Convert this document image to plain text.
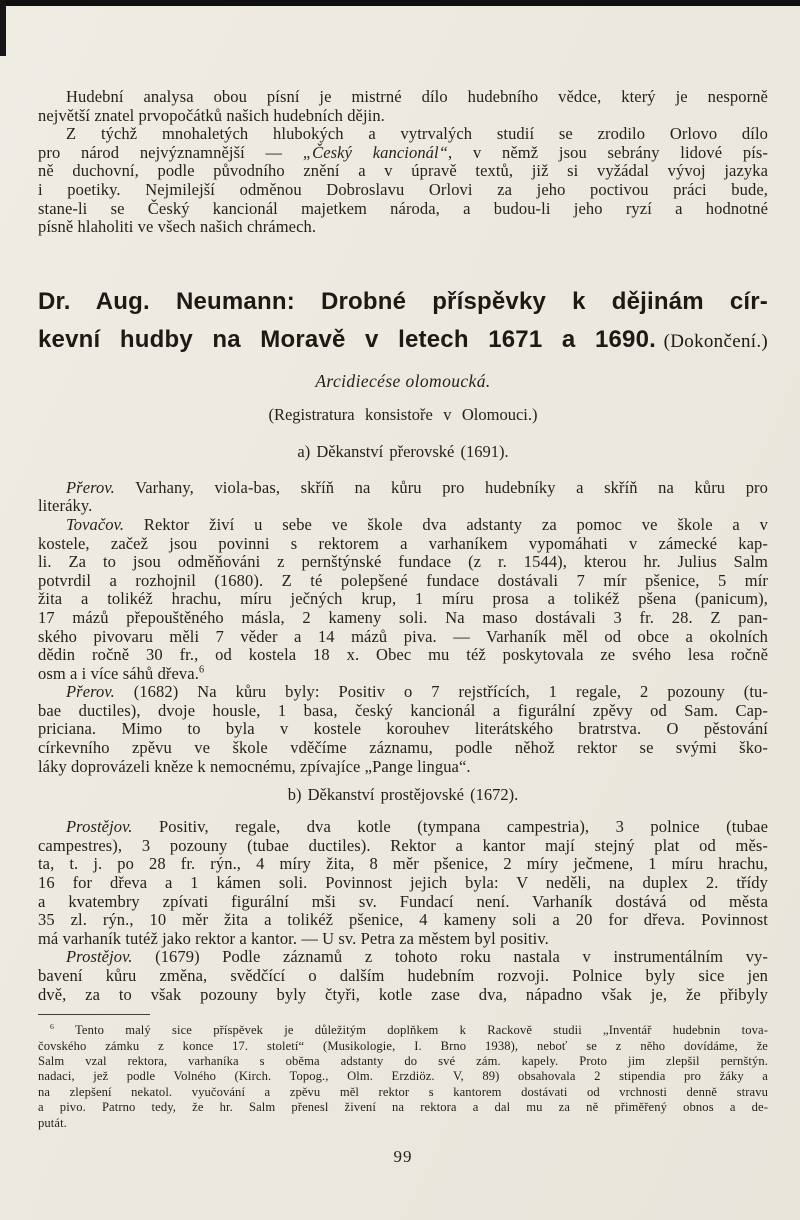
Hudební analysa obou písní je mistrné dílo hudebního vědce, který je nesporně
největší znatel prvopočátků našich hudebních dějin.
Z týchž mnohaletých hlubokých a vytrvalých studií se zrodilo Orlovo dílo
pro národ nejvýznamnější — „Český kancionál“, v němž jsou sebrány lidové pís-
ně duchovní, podle původního znění a v úpravě textů, již si vyžádal vývoj jazyka
i poetiky. Nejmilejší odměnou Dobroslavu Orlovi za jeho poctivou práci bude,
stane-li se Český kancionál majetkem národa, a budou-li jeho ryzí a hodnotné
písně hlaholiti ve všech našich chrámech.
Dr. Aug. Neumann: Drobné příspěvky k dějinám cír-
kevní hudby na Moravě v letech 1671 a 1690. (Dokončení.)
Arcidiecése olomoucká.
(Registratura konsistoře v Olomouci.)
a) Děkanství přerovské (1691).
Přerov. Varhany, viola-bas, skříň na kůru pro hudebníky a skříň na kůru pro
literáky.
Tovačov. Rektor živí u sebe ve škole dva adstanty za pomoc ve škole a v
kostele, začež jsou povinni s rektorem a varhaníkem vypomáhati v zámecké kap-
li. Za to jsou odměňováni z pernštýnské fundace (z r. 1544), kterou hr. Julius Salm
potvrdil a rozhojnil (1680). Z té polepšené fundace dostávali 7 mír pšenice, 5 mír
žita a tolikéž hrachu, míru ječných krup, 1 míru prosa a tolikéž pšena (panicum),
17 mázů přepouštěného másla, 2 kameny soli. Na maso dostávali 3 fr. 28. Z pan-
ského pivovaru měli 7 věder a 14 mázů piva. — Varhaník měl od obce a okolních
dědin ročně 30 fr., od kostela 18 x. Obec mu též poskytovala ze svého lesa ročně
osm a i více sáhů dřeva.$^6$
Přerov. (1682) Na kůru byly: Positiv o 7 rejstřících, 1 regale, 2 pozouny (tu-
bae ductiles), dvoje housle, 1 basa, český kancionál a figurální zpěvy od Sam. Cap-
priciana. Mimo to byla v kostele korouhev literátského bratrstva. O pěstování
církevního zpěvu ve škole vděčíme záznamu, podle něhož rektor se svými ško-
láky doprovázeli kněze k nemocnému, zpívajíce „Pange lingua“.
b) Děkanství prostějovské (1672).
Prostějov. Positiv, regale, dva kotle (tympana campestria), 3 polnice (tubae
campestres), 3 pozouny (tubae ductiles). Rektor a kantor mají stejný plat od měs-
ta, t. j. po 28 fr. rýn., 4 míry žita, 8 měr pšenice, 2 míry ječmene, 1 míru hrachu,
16 for dřeva a 1 kámen soli. Povinnost jejich byla: V neděli, na duplex 2. třídy
a kvatembry zpívati figurální mši sv. Fundací není. Varhaník dostává od města
35 zl. rýn., 10 měr žita a tolikéž pšenice, 4 kameny soli a 20 for dřeva. Povinnost
má varhaník tutéž jako rektor a kantor. — U sv. Petra za městem byl positiv.
Prostějov. (1679) Podle záznamů z tohoto roku nastala v instrumentálním vy-
bavení kůru změna, svědčící o dalším hudebním rozvoji. Polnice byly sice jen
dvě, za to však pozouny byly čtyři, kotle zase dva, nápadno však je, že přibyly
$^6$ Tento malý sice příspěvek je důležitým doplňkem k Rackově studii „Inventář hudebnin tova-
čovského zámku z konce 17. století“ (Musikologie, I. Brno 1938), neboť se z něho dovídáme, že
Salm vzal rektora, varhaníka s oběma adstanty do své zám. kapely. Proto jim zlepšil pernštýn.
nadaci, jež podle Volného (Kirch. Topog., Olm. Erzdiöz. V, 89) obsahovala 2 stipendia pro žáky a
na zlepšení nekatol. vyučování a zpěvu měl rektor s kantorem dostávati od vrchnosti denně stravu
a pivo. Patrno tedy, že hr. Salm přenesl živení na rektora a dal mu za ně přiměřený obnos a de-
putát.
99
